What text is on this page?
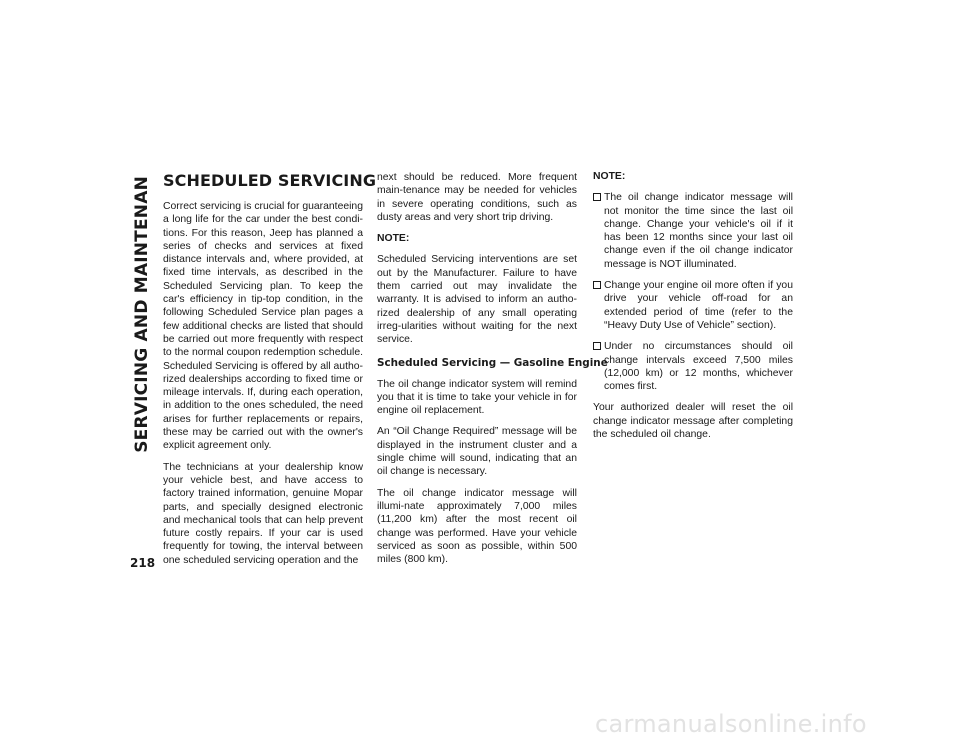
SERVICING AND MAINTENAN
218
SCHEDULED SERVICING

Correct servicing is crucial for guaranteeing a long life for the car under the best condi-tions. For this reason, Jeep has planned a series of checks and services at fixed distance intervals and, where provided, at fixed time intervals, as described in the Scheduled Servicing plan. To keep the car's efficiency in tip-top condition, in the following Scheduled Service plan pages a few additional checks are listed that should be carried out more frequently with respect to the normal coupon redemption schedule. Scheduled Servicing is offered by all autho-rized dealerships according to fixed time or mileage intervals. If, during each operation, in addition to the ones scheduled, the need arises for further replacements or repairs, these may be carried out with the owner's explicit agreement only.

The technicians at your dealership know your vehicle best, and have access to factory trained information, genuine Mopar parts, and specially designed electronic and mechanical tools that can help prevent future costly repairs. If your car is used frequently for towing, the interval between one scheduled servicing operation and the

next should be reduced. More frequent main-tenance may be needed for vehicles in severe operating conditions, such as dusty areas and very short trip driving.

NOTE:

Scheduled Servicing interventions are set out by the Manufacturer. Failure to have them carried out may invalidate the warranty. It is advised to inform an autho-rized dealership of any small operating irreg-ularities without waiting for the next service.

Scheduled Servicing — Gasoline Engine

The oil change indicator system will remind you that it is time to take your vehicle in for engine oil replacement.

An “Oil Change Required” message will be displayed in the instrument cluster and a single chime will sound, indicating that an oil change is necessary.

The oil change indicator message will illumi-nate approximately 7,000 miles (11,200 km) after the most recent oil change was performed. Have your vehicle serviced as soon as possible, within 500 miles (800 km).

NOTE:

The oil change indicator message will not monitor the time since the last oil change. Change your vehicle's oil if it has been 12 months since your last oil change even if the oil change indicator message is NOT illuminated.
Change your engine oil more often if you drive your vehicle off-road for an extended period of time (refer to the “Heavy Duty Use of Vehicle” section).
Under no circumstances should oil change intervals exceed 7,500 miles (12,000 km) or 12 months, whichever comes first.

Your authorized dealer will reset the oil change indicator message after completing the scheduled oil change.

carmanualsonline.info
